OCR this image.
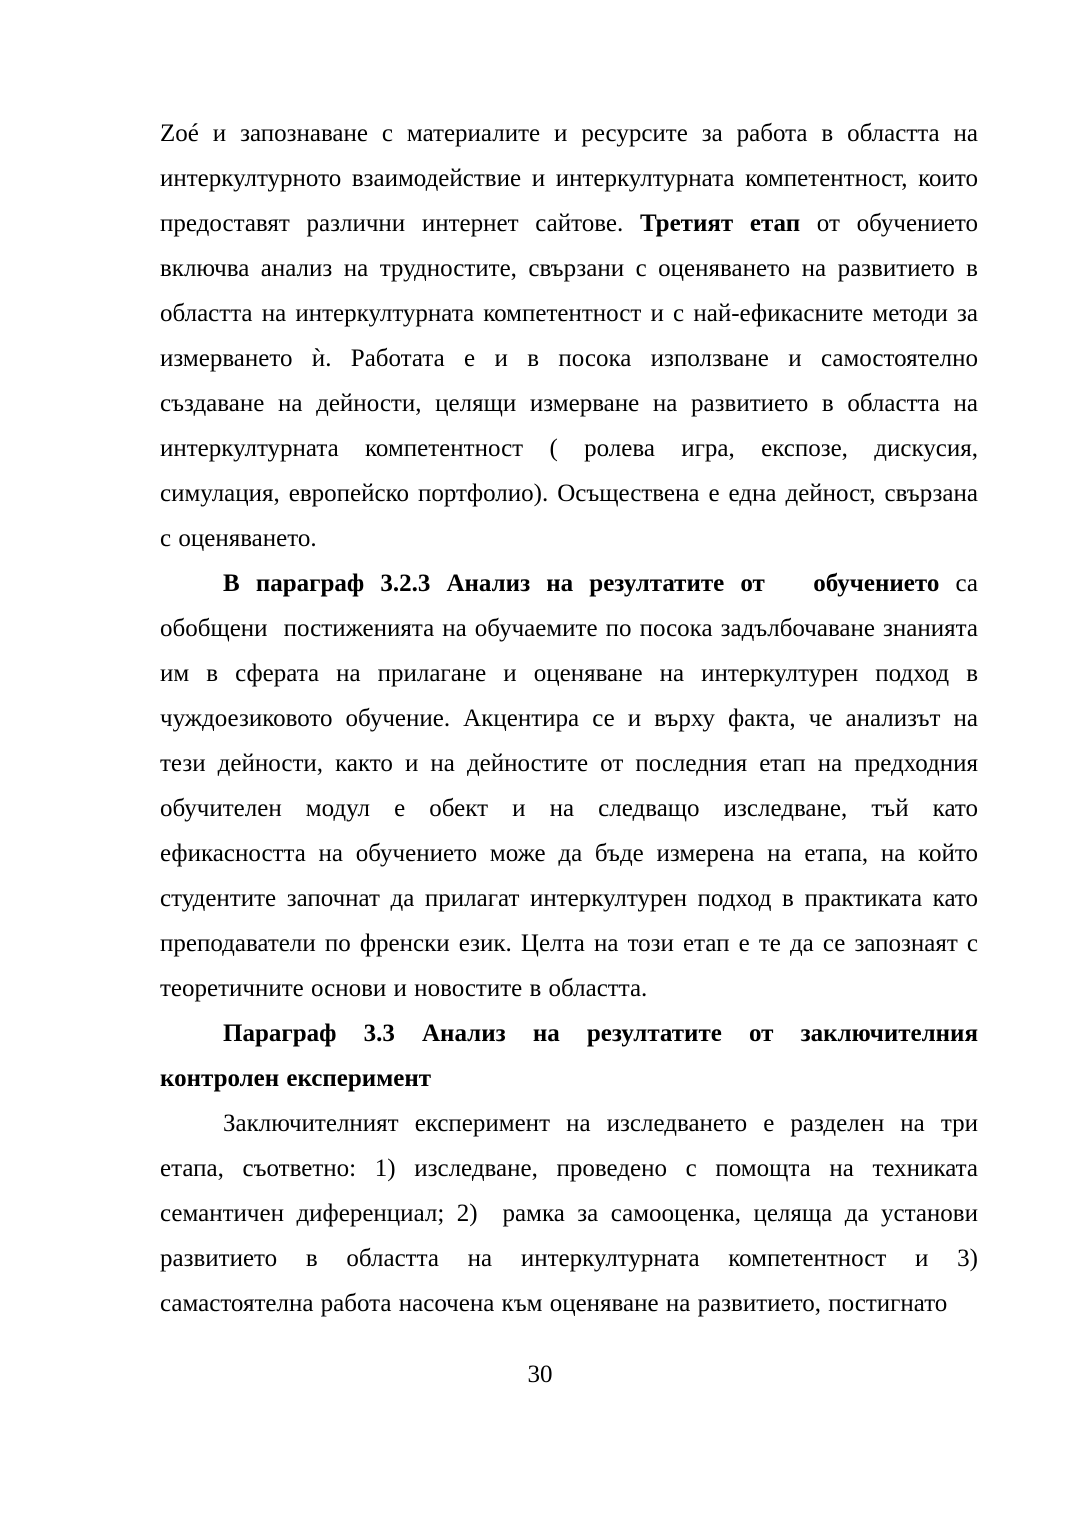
Zoé и запознаване с материалите и ресурсите за работа в областта на интеркултурното взаимодействие и интеркултурната компетентност, които предоставят различни интернет сайтове. Третият етап от обучението включва анализ на трудностите, свързани с оценяването на развитието в областта на интеркултурната компетентност и с най-ефикасните методи за измерването ѝ. Работата е и в посока използване и самостоятелно създаване на дейности, целящи измерване на развитието в областта на интеркултурната компетентност ( ролева игра, експозе, дискусия, симулация, европейско портфолио). Осъществена е една дейност, свързана с оценяването.

В параграф 3.2.3 Анализ на резултатите от   обучението са обобщени  постиженията на обучаемите по посока задълбочаване знанията им в сферата на прилагане и оценяване на интеркултурен подход в чуждоезиковото обучение. Акцентира се и върху факта, че анализът на тези дейности, както и на дейностите от последния етап на предходния обучителен модул е обект и на следващо изследване, тъй като ефикасността на обучението може да бъде измерена на етапа, на който студентите започнат да прилагат интеркултурен подход в практиката като преподаватели по френски език. Целта на този етап е те да се запознаят с теоретичните основи и новостите в областта.

Параграф 3.3 Анализ на резултатите от заключителния контролен експеримент

Заключителният експеримент на изследването е разделен на три етапа, съответно: 1) изследване, проведено с помощта на техниката семантичен диференциал; 2)  рамка за самооценка, целяща да установи развитието в областта на интеркултурната компетентност и 3) самастоятелна работа насочена към оценяване на развитието, постигнато

30
